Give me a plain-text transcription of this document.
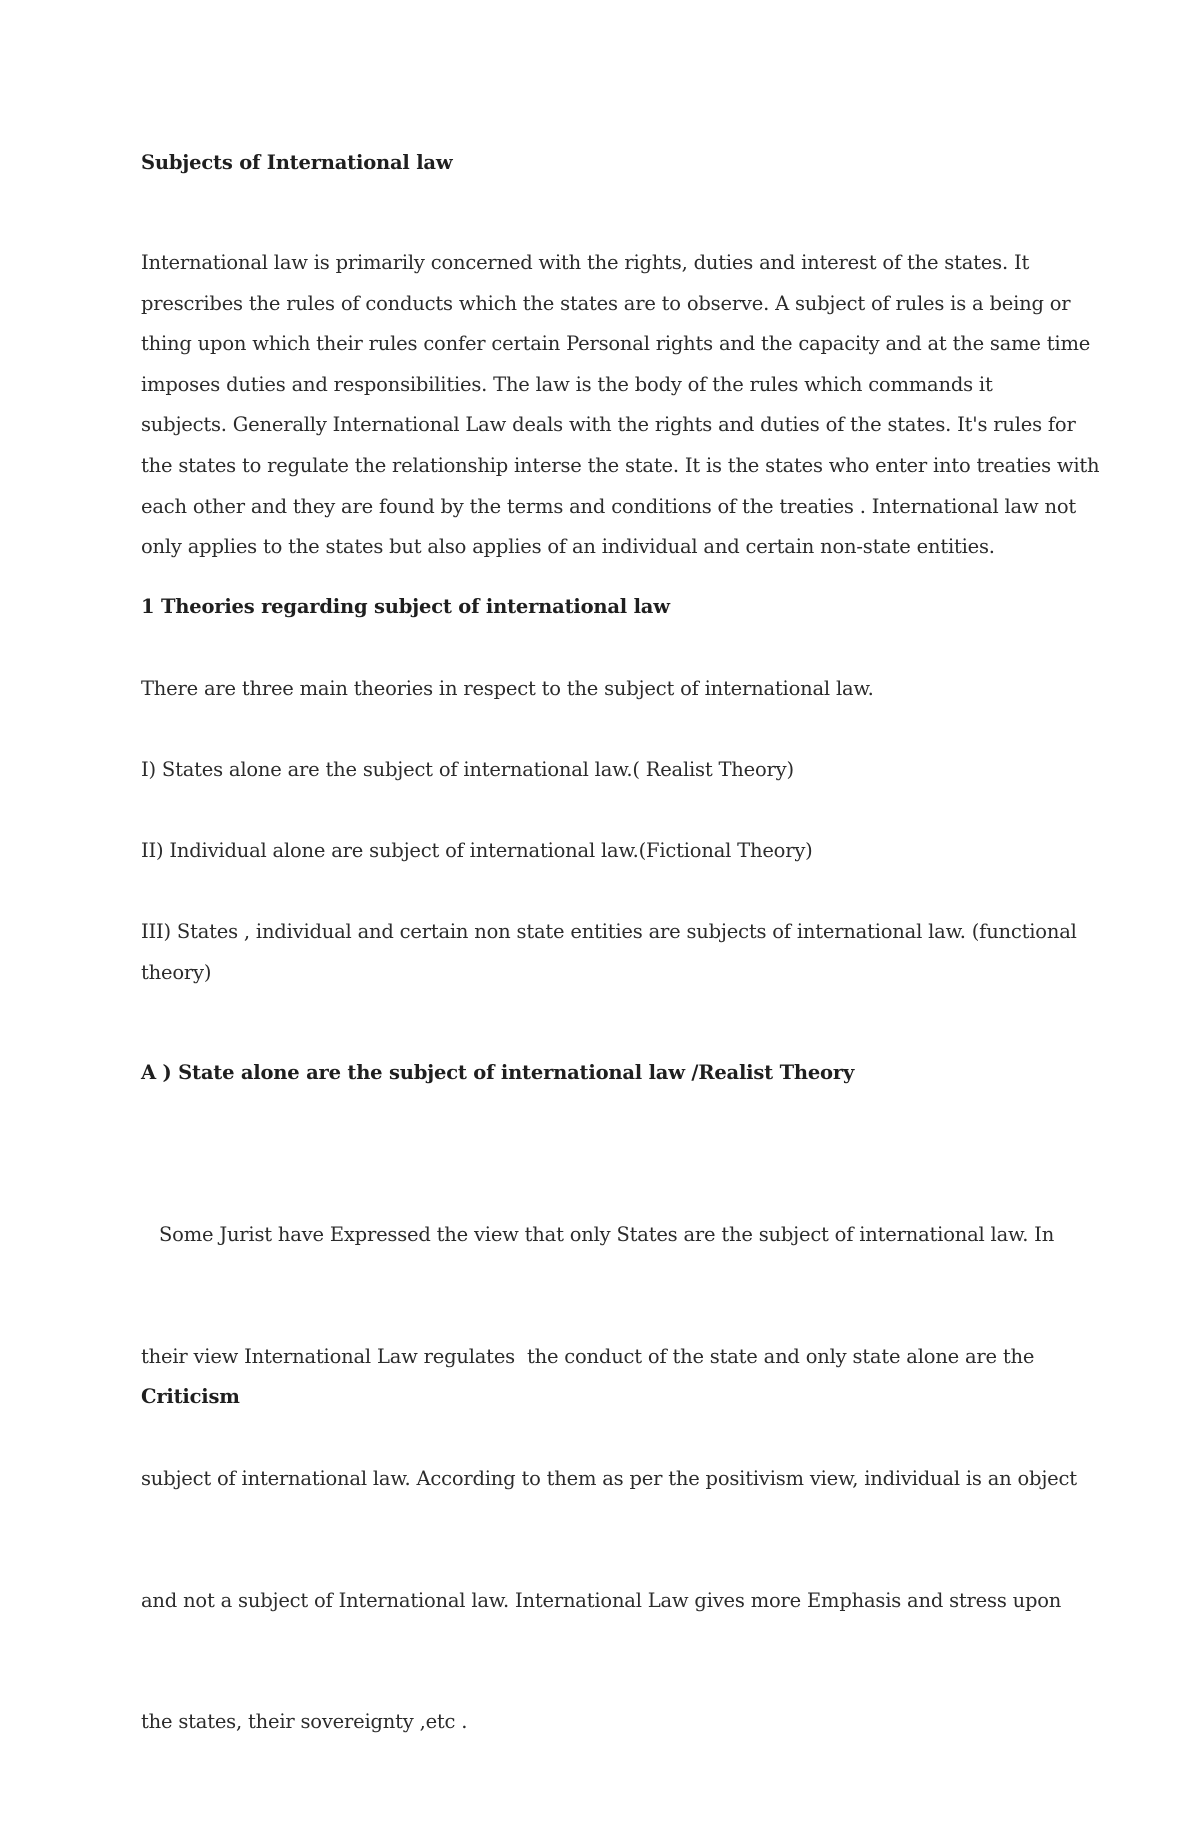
Subjects of International law
International law is primarily concerned with the rights, duties and interest of the states. It
prescribes the rules of conducts which the states are to observe. A subject of rules is a being or
thing upon which their rules confer certain Personal rights and the capacity and at the same time
imposes duties and responsibilities. The law is the body of the rules which commands it
subjects. Generally International Law deals with the rights and duties of the states. It's rules for
the states to regulate the relationship interse the state. It is the states who enter into treaties with
each other and they are found by the terms and conditions of the treaties . International law not
only applies to the states but also applies of an individual and certain non-state entities.
1 Theories regarding subject of international law
There are three main theories in respect to the subject of international law.
I) States alone are the subject of international law.( Realist Theory)
II) Individual alone are subject of international law.(Fictional Theory)
III) States , individual and certain non state entities are subjects of international law. (functional
theory)
A ) State alone are the subject of international law /Realist Theory

Some Jurist have Expressed the view that only States are the subject of international law. In

their view International Law regulates  the conduct of the state and only state alone are the

subject of international law. According to them as per the positivism view, individual is an object

and not a subject of International law. International Law gives more Emphasis and stress upon

the states, their sovereignty ,etc .

Criticism
